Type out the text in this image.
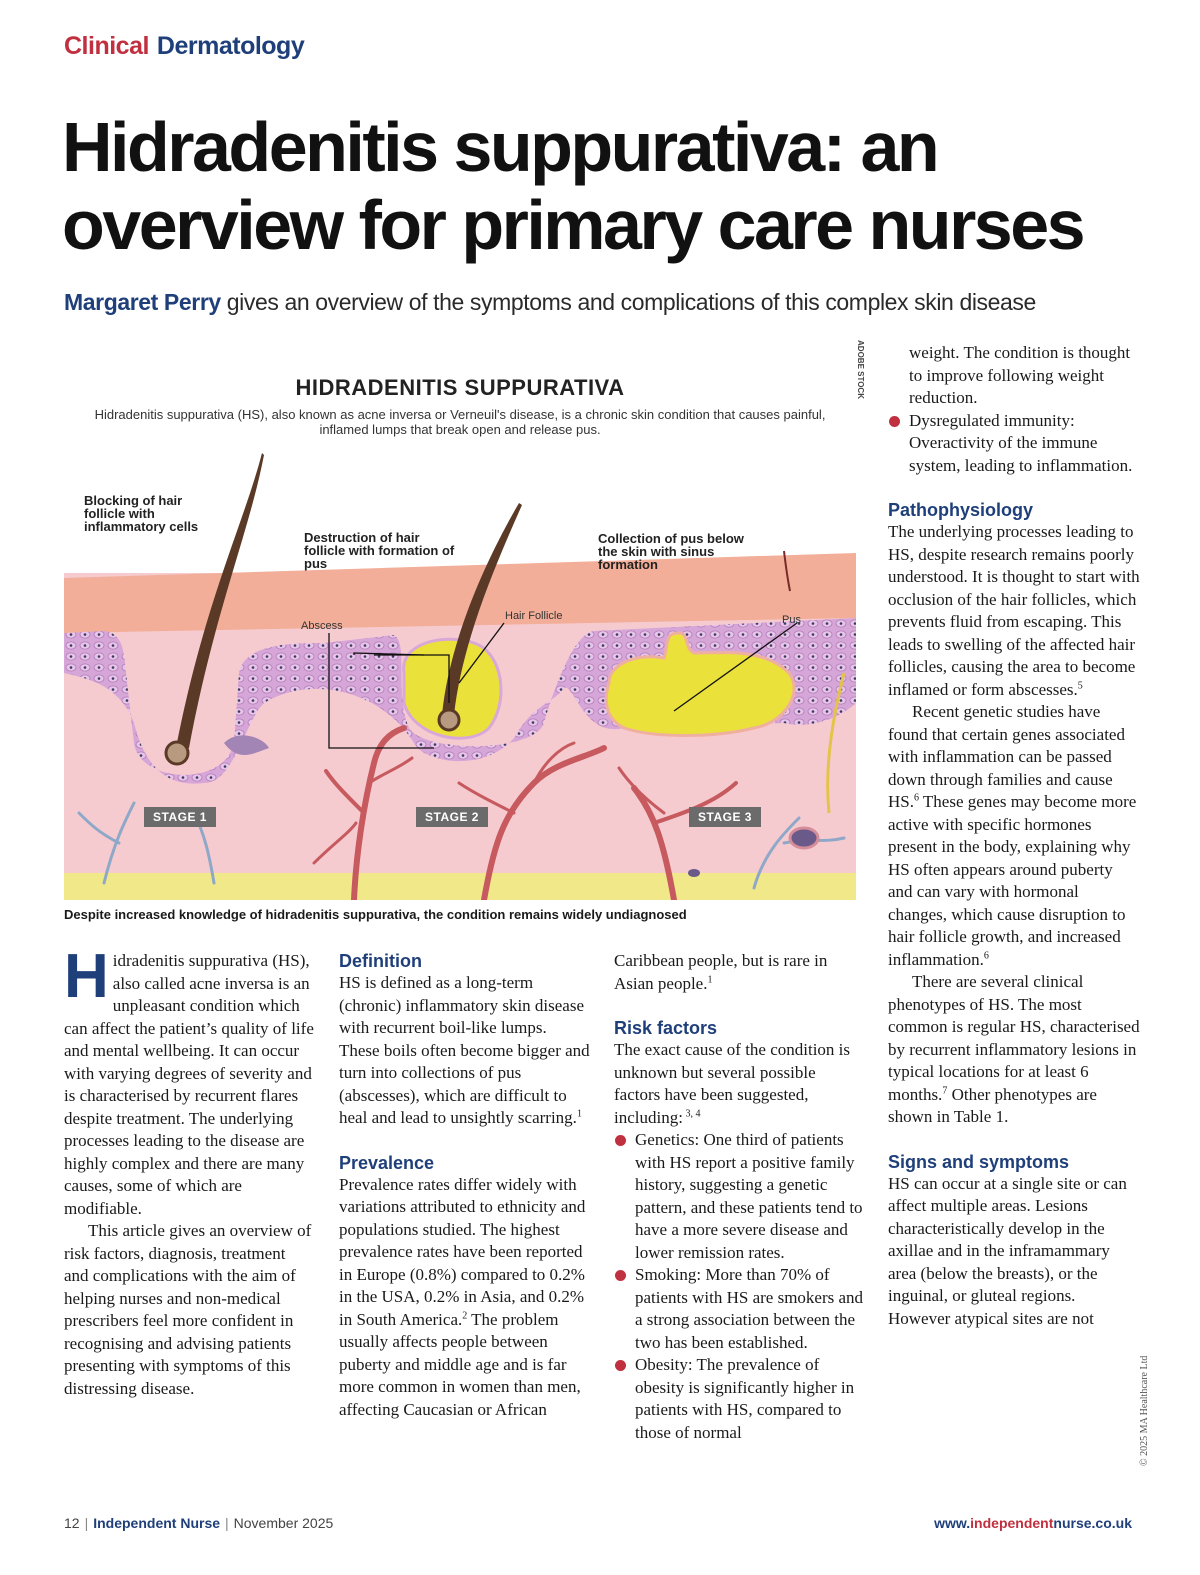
Clinical Dermatology
Hidradenitis suppurativa: an overview for primary care nurses
Margaret Perry gives an overview of the symptoms and complications of this complex skin disease
HIDRADENITIS SUPPURATIVA
Hidradenitis suppurativa (HS), also known as acne inversa or Verneuil's disease, is a chronic skin condition that causes painful, inflamed lumps that break open and release pus.
Blocking of hair follicle with inflammatory cells
Destruction of hair follicle with formation of pus
Collection of pus below the skin with sinus formation
Abscess
Hair Follicle	Pus
STAGE 1	STAGE 2	STAGE 3
ADOBE STOCK
Despite increased knowledge of hidradenitis suppurativa, the condition remains widely undiagnosed

Hidradenitis suppurativa (HS), also called acne inversa is an unpleasant condition which can affect the patient’s quality of life and mental wellbeing. It can occur with varying degrees of severity and is characterised by recurrent flares despite treatment. The underlying processes leading to the disease are highly complex and there are many causes, some of which are modifiable.

This article gives an overview of risk factors, diagnosis, treatment and complications with the aim of helping nurses and non-medical prescribers feel more confident in recognising and advising patients presenting with symptoms of this distressing disease.

Definition

HS is defined as a long-term (chronic) inflammatory skin disease with recurrent boil-like lumps. These boils often become bigger and turn into collections of pus (abscesses), which are difficult to heal and lead to unsightly scarring.$^1$

Prevalence

Prevalence rates differ widely with variations attributed to ethnicity and populations studied. The highest prevalence rates have been reported in Europe (0.8%) compared to 0.2% in the USA, 0.2% in Asia, and 0.2% in South America.$^2$ The problem usually affects people between puberty and middle age and is far more common in women than men, affecting Caucasian or African

Caribbean people, but is rare in Asian people.$^1$

Risk factors

The exact cause of the condition is unknown but several possible factors have been suggested, including: $^{3, 4}$

Genetics: One third of patients with HS report a positive family history, suggesting a genetic pattern, and these patients tend to have a more severe disease and lower remission rates.
Smoking: More than 70% of patients with HS are smokers and a strong association between the two has been established.
Obesity: The prevalence of obesity is significantly higher in patients with HS, compared to those of normal
weight. The condition is thought to improve following weight reduction.
Dysregulated immunity: Overactivity of the immune system, leading to inflammation.
Pathophysiology

The underlying processes leading to HS, despite research remains poorly understood. It is thought to start with occlusion of the hair follicles, which prevents fluid from escaping. This leads to swelling of the affected hair follicles, causing the area to become inflamed or form abscesses.$^5$

Recent genetic studies have found that certain genes associated with inflammation can be passed down through families and cause HS.$^6$ These genes may become more active with specific hormones present in the body, explaining why HS often appears around puberty and can vary with hormonal changes, which cause disruption to hair follicle growth, and increased inflammation.$^6$

There are several clinical phenotypes of HS. The most common is regular HS, characterised by recurrent inflammatory lesions in typical locations for at least 6 months.$^7$ Other phenotypes are shown in Table 1.

Signs and symptoms

HS can occur at a single site or can affect multiple areas. Lesions characteristically develop in the axillae and in the inframammary area (below the breasts), or the inguinal, or gluteal regions. However atypical sites are not

© 2025 MA Healthcare Ltd
12 | Independent Nurse | November 2025	www.independentnurse.co.uk
